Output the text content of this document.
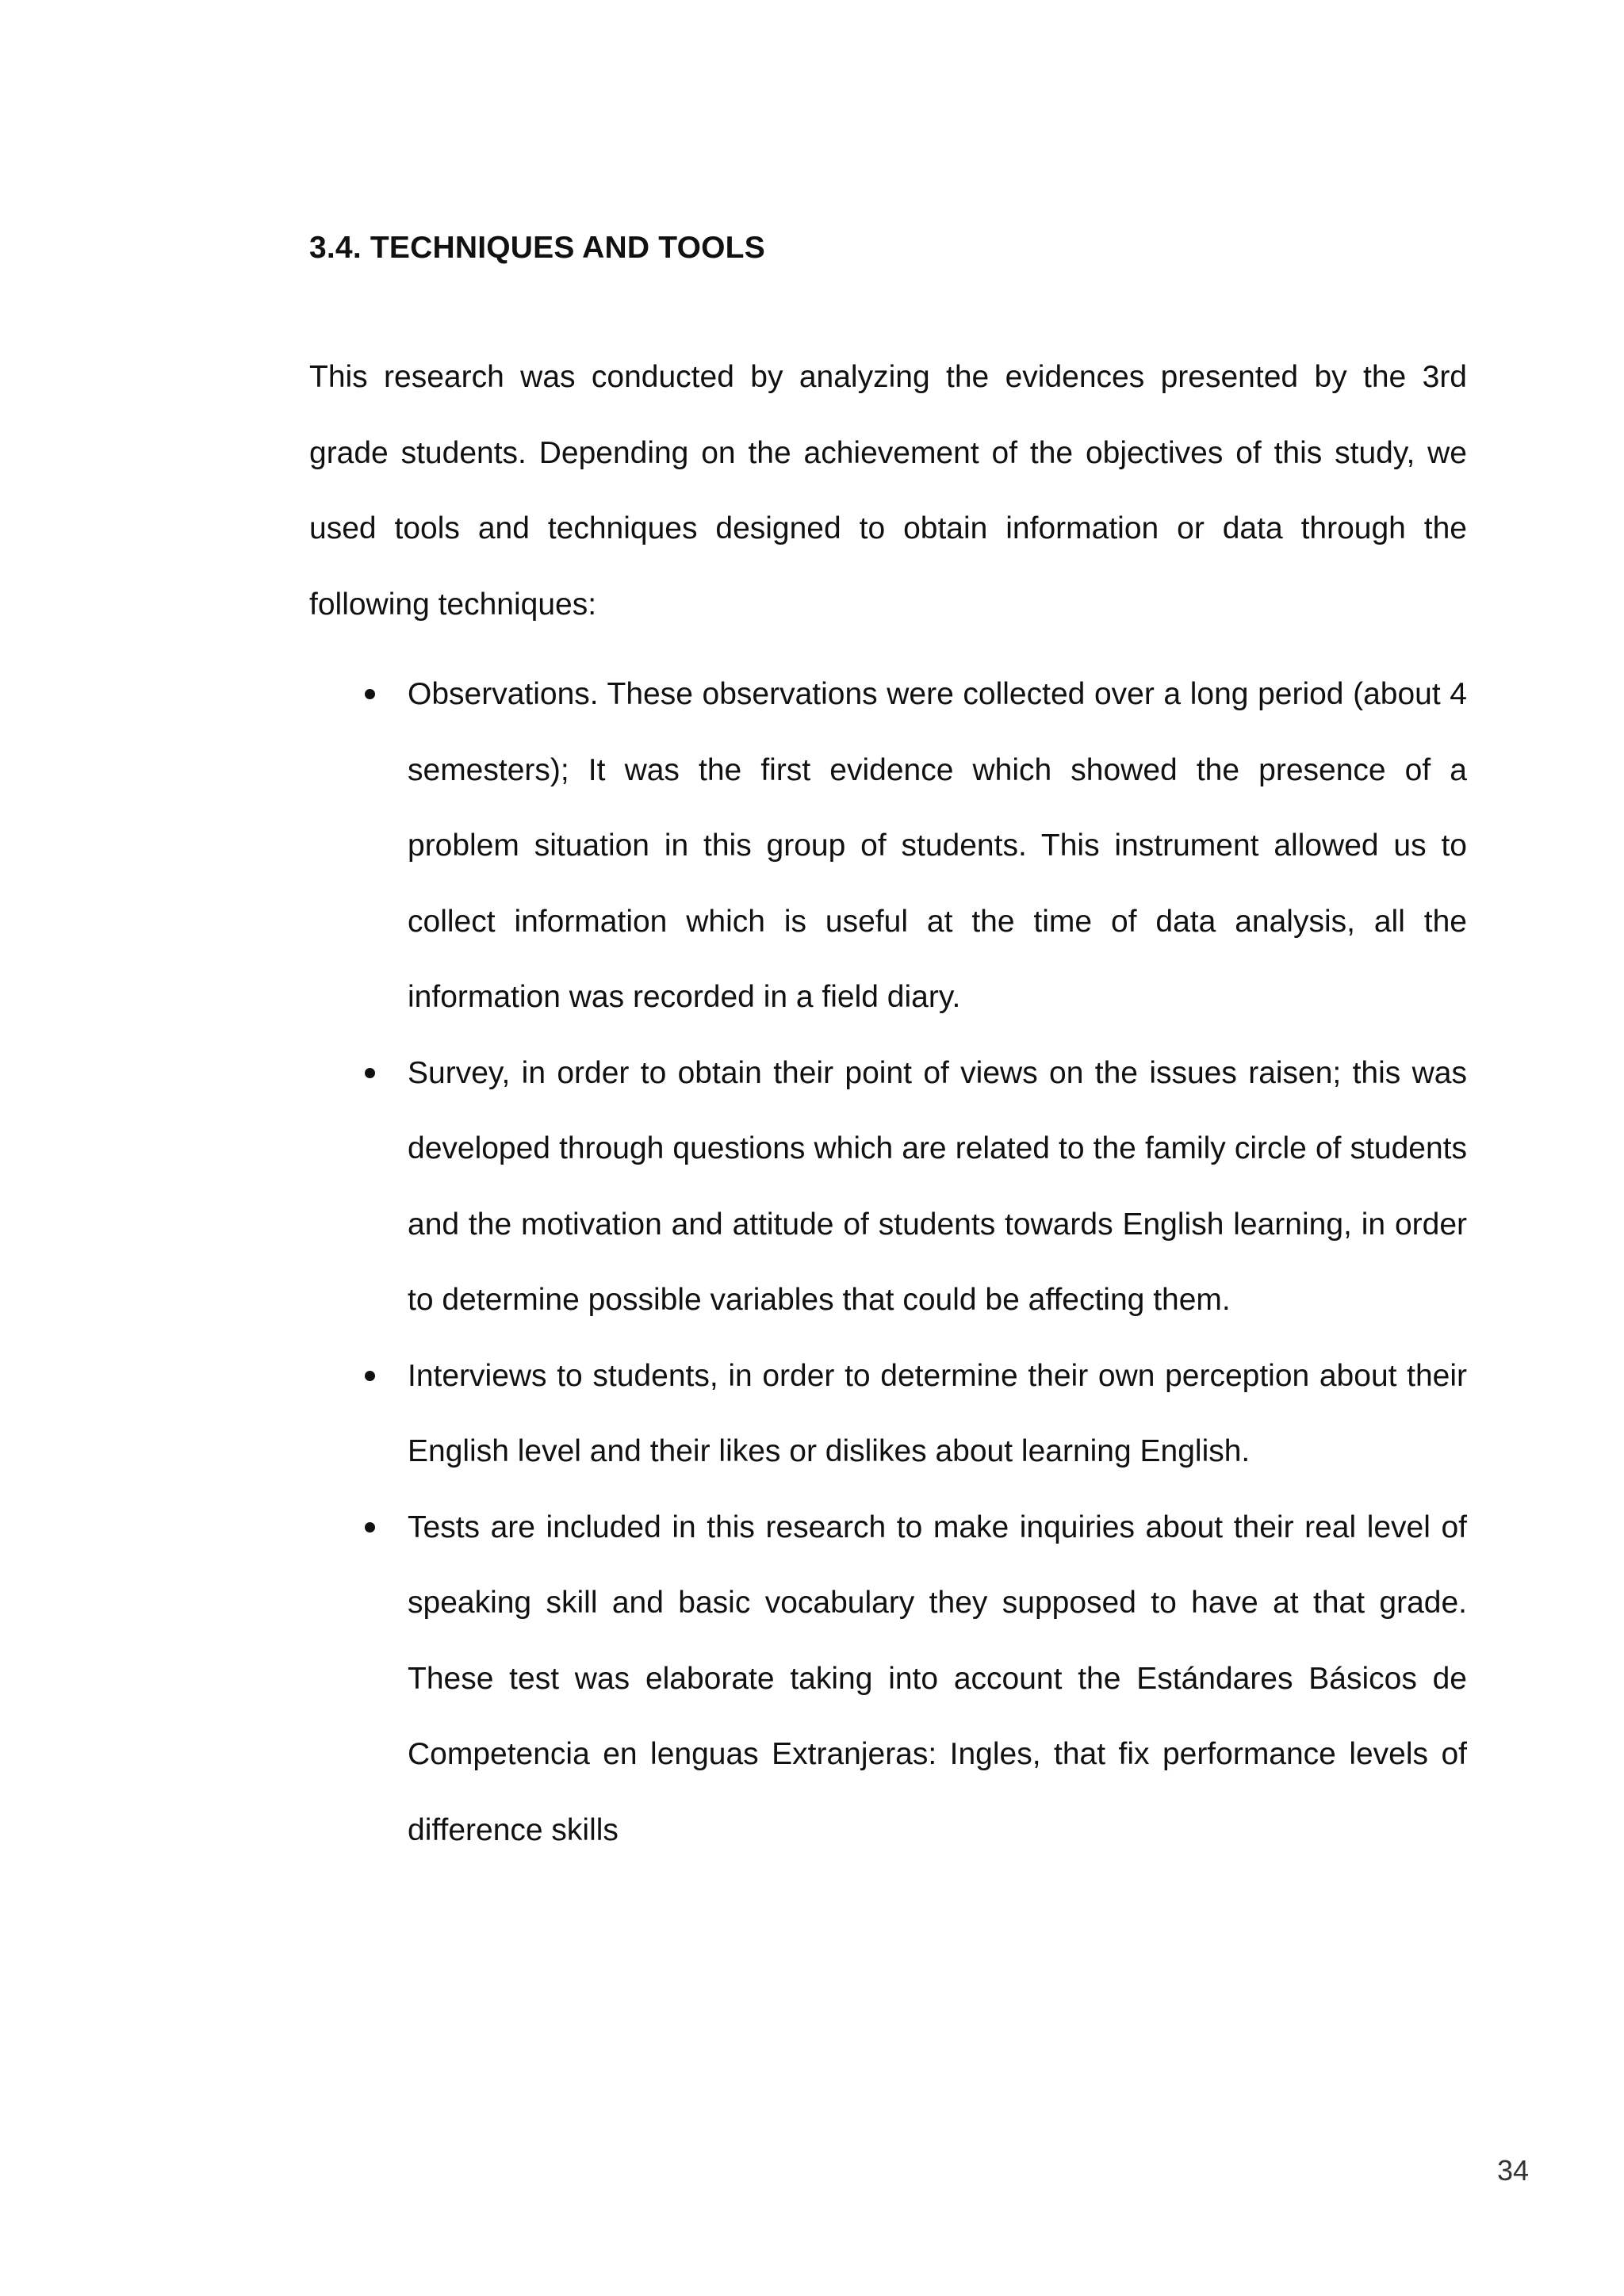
3.4. TECHNIQUES AND TOOLS

This research was conducted by analyzing the evidences presented by the 3rd grade students. Depending on the achievement of the objectives of this study, we used tools and techniques designed to obtain information or data through the following techniques:

Observations. These observations were collected over a long period (about 4 semesters); It was the first evidence which showed the presence of a problem situation in this group of students. This instrument allowed us to collect information which is useful at the time of data analysis, all the information was recorded in a field diary.
Survey, in order to obtain their point of views on the issues raisen; this was developed through questions which are related to the family circle of students and the motivation and attitude of students towards English learning, in order to determine possible variables that could be affecting them.
Interviews to students, in order to determine their own perception about their English level and their likes or dislikes about learning English.
Tests are included in this research to make inquiries about their real level of speaking skill and basic vocabulary they supposed to have at that grade. These test was elaborate taking into account the Estándares Básicos de Competencia en lenguas Extranjeras: Ingles, that fix performance levels of difference skills
34
